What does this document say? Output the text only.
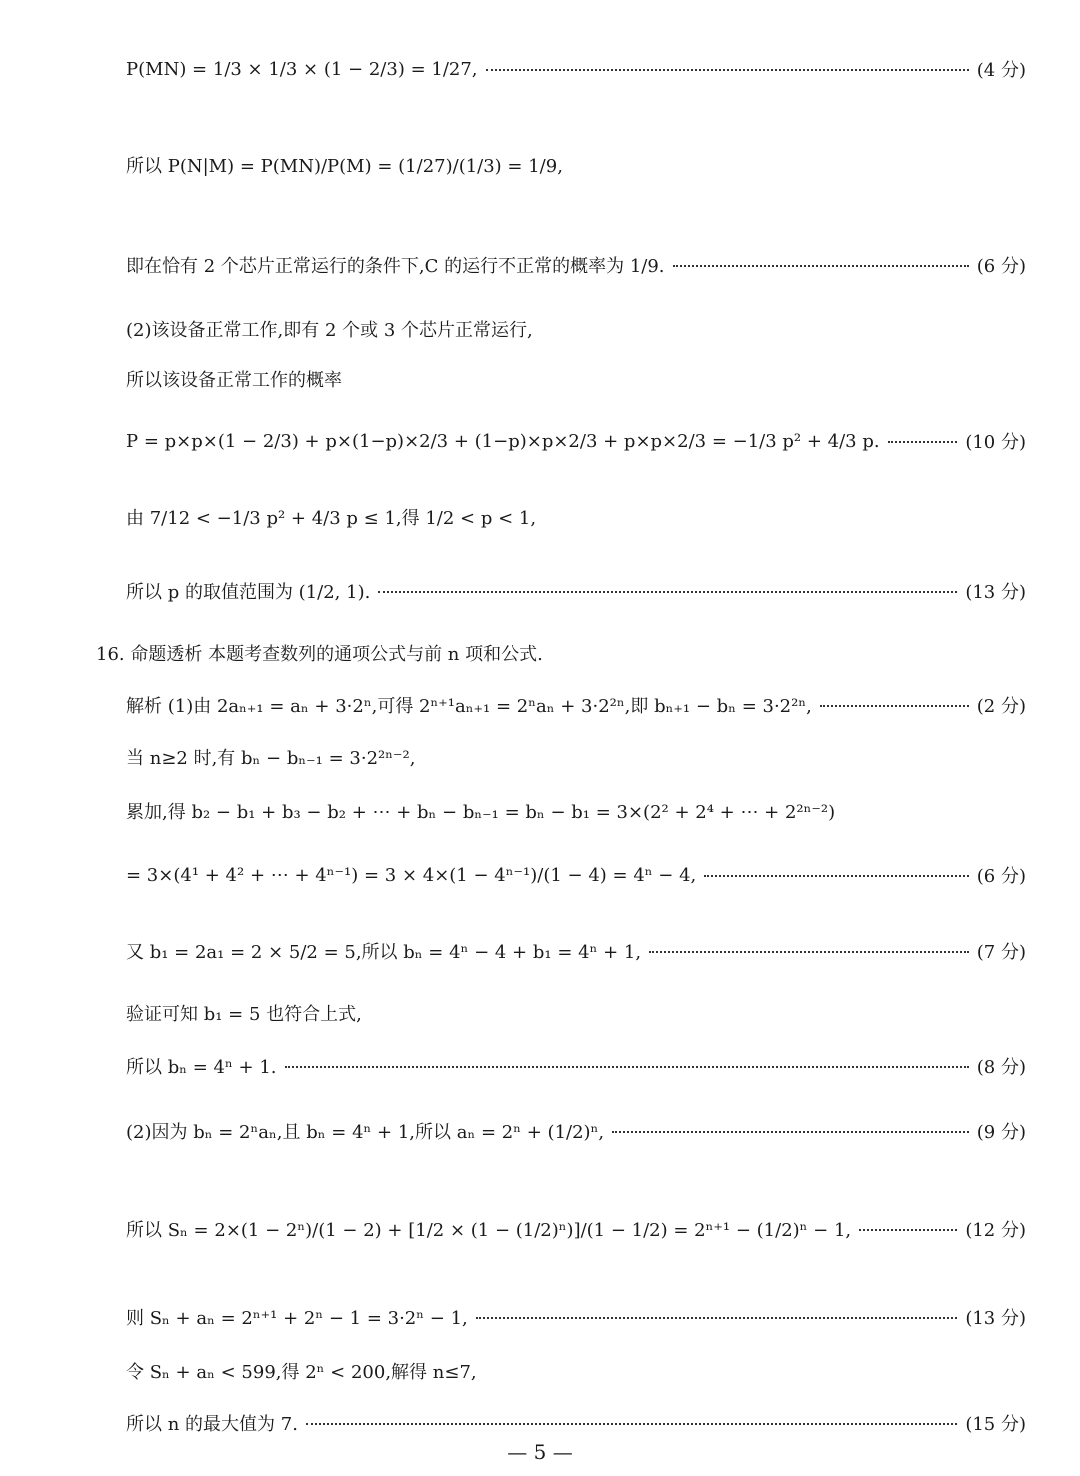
P(MN) = 1/3 × 1/3 × (1 − 2/3) = 1/27,	(4 分)
所以 P(N|M) = P(MN)/P(M) = (1/27)/(1/3) = 1/9,
即在恰有 2 个芯片正常运行的条件下,C 的运行不正常的概率为 1/9.	(6 分)
(2)该设备正常工作,即有 2 个或 3 个芯片正常运行,
所以该设备正常工作的概率
P = p×p×(1 − 2/3) + p×(1−p)×2/3 + (1−p)×p×2/3 + p×p×2/3 = −1/3 p² + 4/3 p.	(10 分)
由 7/12 < −1/3 p² + 4/3 p ≤ 1,得 1/2 < p < 1,
所以 p 的取值范围为 (1/2, 1).	(13 分)
16. 命题透析 本题考查数列的通项公式与前 n 项和公式.
解析 (1)由 2aₙ₊₁ = aₙ + 3·2ⁿ,可得 2ⁿ⁺¹aₙ₊₁ = 2ⁿaₙ + 3·2²ⁿ,即 bₙ₊₁ − bₙ = 3·2²ⁿ,	(2 分)
当 n≥2 时,有 bₙ − bₙ₋₁ = 3·2²ⁿ⁻²,
累加,得 b₂ − b₁ + b₃ − b₂ + ⋯ + bₙ − bₙ₋₁ = bₙ − b₁ = 3×(2² + 2⁴ + ⋯ + 2²ⁿ⁻²)
= 3×(4¹ + 4² + ⋯ + 4ⁿ⁻¹) = 3 × 4×(1 − 4ⁿ⁻¹)/(1 − 4) = 4ⁿ − 4,	(6 分)
又 b₁ = 2a₁ = 2 × 5/2 = 5,所以 bₙ = 4ⁿ − 4 + b₁ = 4ⁿ + 1,	(7 分)
验证可知 b₁ = 5 也符合上式,
所以 bₙ = 4ⁿ + 1.	(8 分)
(2)因为 bₙ = 2ⁿaₙ,且 bₙ = 4ⁿ + 1,所以 aₙ = 2ⁿ + (1/2)ⁿ,	(9 分)
所以 Sₙ = 2×(1 − 2ⁿ)/(1 − 2) + [1/2 × (1 − (1/2)ⁿ)]/(1 − 1/2) = 2ⁿ⁺¹ − (1/2)ⁿ − 1,	(12 分)
则 Sₙ + aₙ = 2ⁿ⁺¹ + 2ⁿ − 1 = 3·2ⁿ − 1,	(13 分)
令 Sₙ + aₙ < 599,得 2ⁿ < 200,解得 n≤7,
所以 n 的最大值为 7.	(15 分)
— 5 —
